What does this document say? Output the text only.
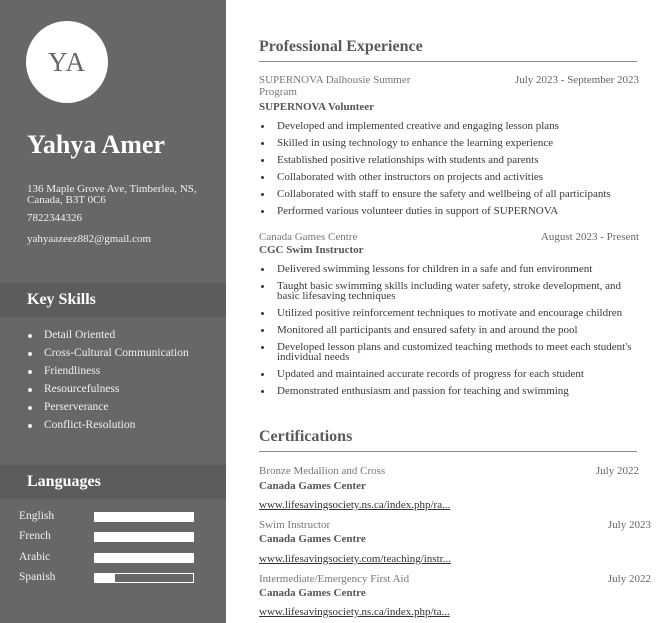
YA
Yahya Amer
136 Maple Grove Ave, Timberlea, NS, Canada, B3T 0C6
7822344326
yahyaazeez882@gmail.com
Key Skills
Detail Oriented
Cross-Cultural Communication
Friendliness
Resourcefulness
Perserverance
Conflict-Resolution
Languages
English
French
Arabic
Spanish
Professional Experience
SUPERNOVA Dalhousie Summer Program
July 2023 - September 2023
SUPERNOVA Volunteer
Developed and implemented creative and engaging lesson plans
Skilled in using technology to enhance the learning experience
Established positive relationships with students and parents
Collaborated with other instructors on projects and activities
Collaborated with staff to ensure the safety and wellbeing of all participants
Performed various volunteer duties in support of SUPERNOVA
Canada Games Centre	August 2023 - Present
CGC Swim Instructor
Delivered swimming lessons for children in a safe and fun environment
Taught basic swimming skills including water safety, stroke development, and basic lifesaving techniques
Utilized positive reinforcement techniques to motivate and encourage children
Monitored all participants and ensured safety in and around the pool
Developed lesson plans and customized teaching methods to meet each student's individual needs
Updated and maintained accurate records of progress for each student
Demonstrated enthusiasm and passion for teaching and swimming
Certifications
Bronze Medallion and Cross	July 2022
Canada Games Center
www.lifesavingsociety.ns.ca/index.php/ra...
Swim Instructor	July 2023
Canada Games Centre
www.lifesavingsociety.com/teaching/instr...
Intermediate/Emergency First Aid	July 2022
Canada Games Centre
www.lifesavingsociety.ns.ca/index.php/ta...
